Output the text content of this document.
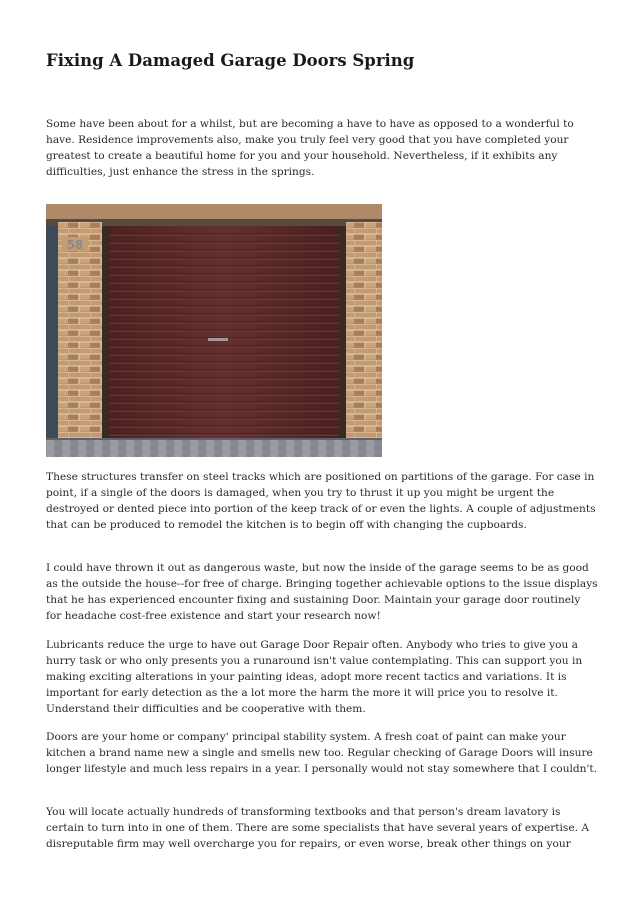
Fixing A Damaged Garage Doors Spring

Some have been about for a whilst, but are becoming a have to have as opposed to a wonderful to have. Residence improvements also, make you truly feel very good that you have completed your greatest to create a beautiful home for you and your household. Nevertheless, if it exhibits any difficulties, just enhance the stress in the springs.

58

These structures transfer on steel tracks which are positioned on partitions of the garage. For case in point, if a single of the doors is damaged, when you try to thrust it up you might be urgent the destroyed or dented piece into portion of the keep track of or even the lights. A couple of adjustments that can be produced to remodel the kitchen is to begin off with changing the cupboards.

I could have thrown it out as dangerous waste, but now the inside of the garage seems to be as good as the outside the house--for free of charge. Bringing together achievable options to the issue displays that he has experienced encounter fixing and sustaining Door. Maintain your garage door routinely for headache cost-free existence and start your research now!

Lubricants reduce the urge to have out Garage Door Repair often. Anybody who tries to give you a hurry task or who only presents you a runaround isn't value contemplating. This can support you in making exciting alterations in your painting ideas, adopt more recent tactics and variations. It is important for early detection as the a lot more the harm the more it will price you to resolve it. Understand their difficulties and be cooperative with them.

Doors are your home or company' principal stability system. A fresh coat of paint can make your kitchen a brand name new a single and smells new too. Regular checking of Garage Doors will insure longer lifestyle and much less repairs in a year. I personally would not stay somewhere that I couldn't.

You will locate actually hundreds of transforming textbooks and that person's dream lavatory is certain to turn into in one of them. There are some specialists that have several years of expertise. A disreputable firm may well overcharge you for repairs, or even worse, break other things on your
